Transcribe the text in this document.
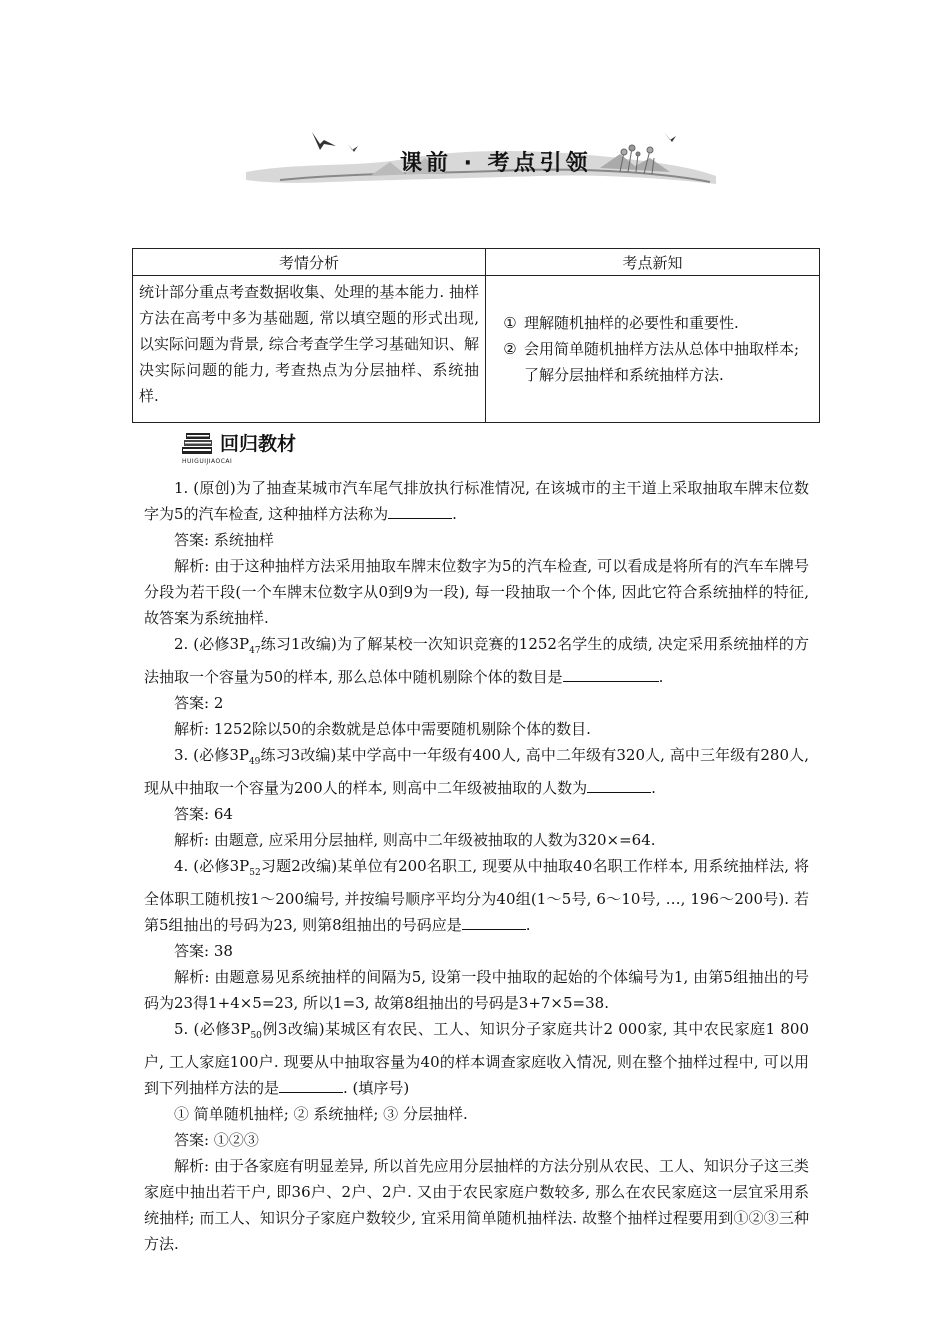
课前 · 考点引领
考情分析	考点新知
统计部分重点考查数据收集、处理的基本能力. 抽样方法在高考中多为基础题, 常以填空题的形式出现, 以实际问题为背景, 综合考查学生学习基础知识、解决实际问题的能力, 考查热点为分层抽样、系统抽样.	① 理解随机抽样的必要性和重要性.
② 会用简单随机抽样方法从总体中抽取样本; 了解分层抽样和系统抽样方法.
回归教材
HUIGUIJIAOCAI

1. (原创)为了抽查某城市汽车尾气排放执行标准情况, 在该城市的主干道上采取抽取车牌末位数字为5的汽车检查, 这种抽样方法称为	.

答案: 系统抽样

解析: 由于这种抽样方法采用抽取车牌末位数字为5的汽车检查, 可以看成是将所有的汽车车牌号分段为若干段(一个车牌末位数字从0到9为一段), 每一段抽取一个个体, 因此它符合系统抽样的特征, 故答案为系统抽样.

2. (必修$3P_{47}$练习1改编)为了解某校一次知识竞赛的1252名学生的成绩, 决定采用系统抽样的方法抽取一个容量为50的样本, 那么总体中随机剔除个体的数目是	.

答案: 2

解析: 1252除以50的余数就是总体中需要随机剔除个体的数目.

3. (必修$3P_{49}$练习3改编)某中学高中一年级有400人, 高中二年级有320人, 高中三年级有280人, 现从中抽取一个容量为200人的样本, 则高中二年级被抽取的人数为	.

答案: 64

解析: 由题意, 应采用分层抽样, 则高中二年级被抽取的人数为320×=64.

4. (必修$3P_{52}$习题2改编)某单位有200名职工, 现要从中抽取40名职工作样本, 用系统抽样法, 将全体职工随机按1～200编号, 并按编号顺序平均分为40组(1～5号, 6～10号, …, 196～200号). 若第5组抽出的号码为23, 则第8组抽出的号码应是	.

答案: 38

解析: 由题意易见系统抽样的间隔为5, 设第一段中抽取的起始的个体编号为1, 由第5组抽出的号码为23得1+4×5=23, 所以1=3, 故第8组抽出的号码是3+7×5=38.

5. (必修$3P_{50}$例3改编)某城区有农民、工人、知识分子家庭共计2 000家, 其中农民家庭1 800户, 工人家庭100户. 现要从中抽取容量为40的样本调查家庭收入情况, 则在整个抽样过程中, 可以用到下列抽样方法的是	. (填序号)

① 简单随机抽样; ② 系统抽样; ③ 分层抽样.

答案: ①②③

解析: 由于各家庭有明显差异, 所以首先应用分层抽样的方法分别从农民、工人、知识分子这三类家庭中抽出若干户, 即36户、2户、2户. 又由于农民家庭户数较多, 那么在农民家庭这一层宜采用系统抽样; 而工人、知识分子家庭户数较少, 宜采用简单随机抽样法. 故整个抽样过程要用到①②③三种方法.
